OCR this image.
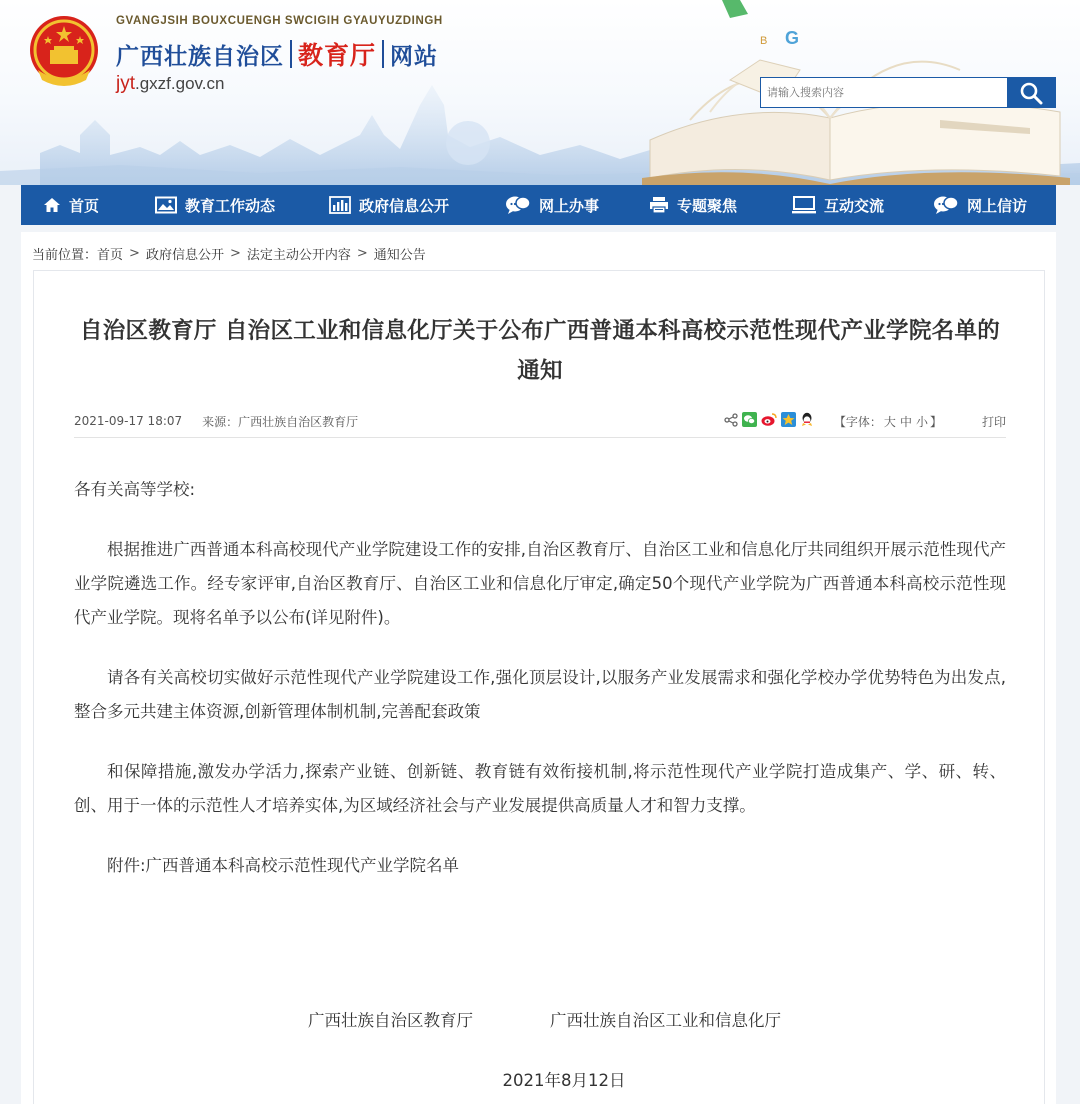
GVANGJSIH BOUXCUENGH SWCIGIH GYAUYUZDINGH
广西壮族自治区 教育厅 网站
jyt.gxzf.gov.cn
B G
请输入搜索内容
首页	教育工作动态	政府信息公开	网上办事	专题聚焦	互动交流	网上信访
当前位置： 首页 > 政府信息公开 > 法定主动公开内容 > 通知公告
自治区教育厅 自治区工业和信息化厅关于公布广西普通本科高校示范性现代产业学院名单的通知
2021-09-17 18:07 来源：广西壮族自治区教育厅	【字体： 大 中 小 】	打印

各有关高等学校:

根据推进广西普通本科高校现代产业学院建设工作的安排,自治区教育厅、自治区工业和信息化厅共同组织开展示范性现代产业学院遴选工作。经专家评审,自治区教育厅、自治区工业和信息化厅审定,确定50个现代产业学院为广西普通本科高校示范性现代产业学院。现将名单予以公布(详见附件)。

请各有关高校切实做好示范性现代产业学院建设工作,强化顶层设计,以服务产业发展需求和强化学校办学优势特色为出发点,整合多元共建主体资源,创新管理体制机制,完善配套政策

和保障措施,激发办学活力,探索产业链、创新链、教育链有效衔接机制,将示范性现代产业学院打造成集产、学、研、转、创、用于一体的示范性人才培养实体,为区域经济社会与产业发展提供高质量人才和智力支撑。

附件:广西普通本科高校示范性现代产业学院名单

广西壮族自治区教育厅	广西壮族自治区工业和信息化厅
2021年8月12日
